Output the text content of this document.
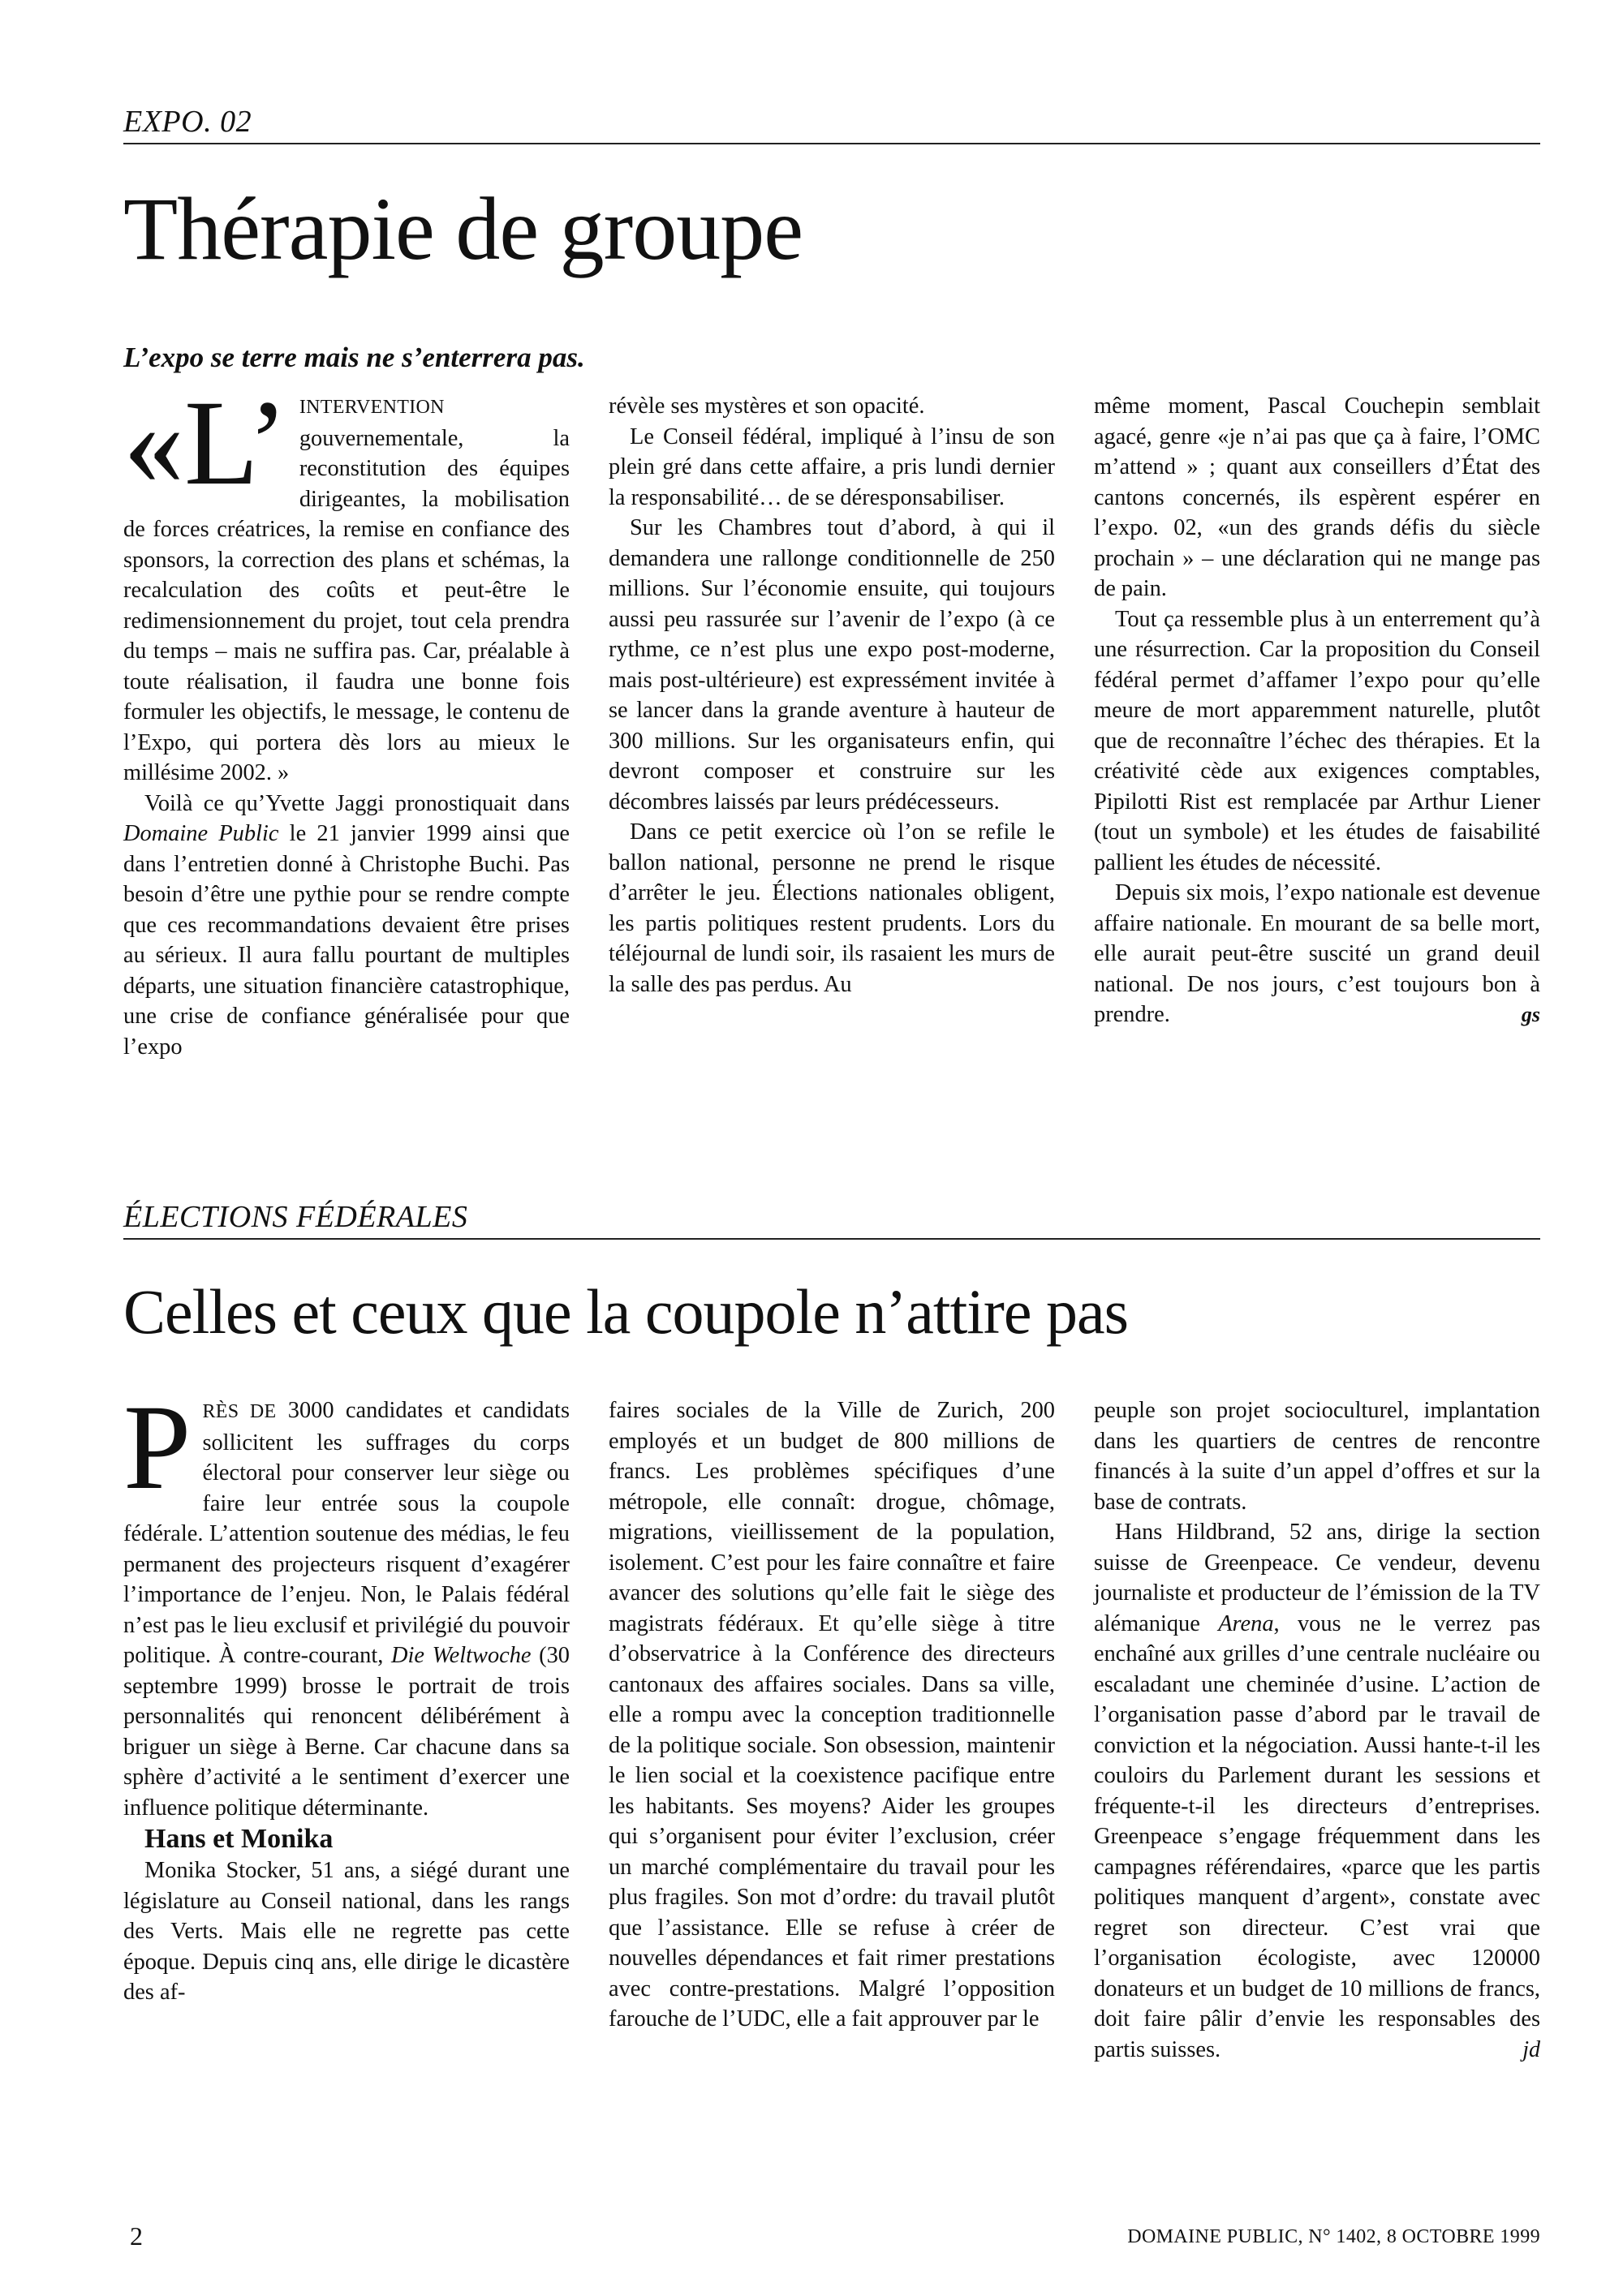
EXPO. 02
Thérapie de groupe
L’expo se terre mais ne s’enterrera pas.

«L’ INTERVENTION gouvernementale, la reconstitution des équipes dirigeantes, la mobilisation de forces créatrices, la remise en confiance des sponsors, la correction des plans et schémas, la recalculation des coûts et peut-être le redimensionnement du projet, tout cela prendra du temps – mais ne suffira pas. Car, préalable à toute réalisation, il faudra une bonne fois formuler les objectifs, le message, le contenu de l’Expo, qui portera dès lors au mieux le millésime 2002. »

Voilà ce qu’Yvette Jaggi pronostiquait dans Domaine Public le 21 janvier 1999 ainsi que dans l’entretien donné à Christophe Buchi. Pas besoin d’être une pythie pour se rendre compte que ces recommandations devaient être prises au sérieux. Il aura fallu pourtant de multiples départs, une situation financière catastrophique, une crise de confiance généralisée pour que l’expo

révèle ses mystères et son opacité.

Le Conseil fédéral, impliqué à l’insu de son plein gré dans cette affaire, a pris lundi dernier la responsabilité… de se déresponsabiliser.

Sur les Chambres tout d’abord, à qui il demandera une rallonge conditionnelle de 250 millions. Sur l’économie ensuite, qui toujours aussi peu rassurée sur l’avenir de l’expo (à ce rythme, ce n’est plus une expo post-moderne, mais post-ultérieure) est expressément invitée à se lancer dans la grande aventure à hauteur de 300 millions. Sur les organisateurs enfin, qui devront composer et construire sur les décombres laissés par leurs prédécesseurs.

Dans ce petit exercice où l’on se refile le ballon national, personne ne prend le risque d’arrêter le jeu. Élections nationales obligent, les partis politiques restent prudents. Lors du téléjournal de lundi soir, ils rasaient les murs de la salle des pas perdus. Au

même moment, Pascal Couchepin semblait agacé, genre «je n’ai pas que ça à faire, l’OMC m’attend » ; quant aux conseillers d’État des cantons concernés, ils espèrent espérer en l’expo. 02, «un des grands défis du siècle prochain » – une déclaration qui ne mange pas de pain.

Tout ça ressemble plus à un enterrement qu’à une résurrection. Car la proposition du Conseil fédéral permet d’affamer l’expo pour qu’elle meure de mort apparemment naturelle, plutôt que de reconnaître l’échec des thérapies. Et la créativité cède aux exigences comptables, Pipilotti Rist est remplacée par Arthur Liener (tout un symbole) et les études de faisabilité pallient les études de nécessité.

Depuis six mois, l’expo nationale est devenue affaire nationale. En mourant de sa belle mort, elle aurait peut-être suscité un grand deuil national. De nos jours, c’est toujours bon à prendre.	gs

ÉLECTIONS FÉDÉRALES
Celles et ceux que la coupole n’attire pas

PRÈS DE 3000 candidates et candidats sollicitent les suffrages du corps électoral pour conserver leur siège ou faire leur entrée sous la coupole fédérale. L’attention soutenue des médias, le feu permanent des projecteurs risquent d’exagérer l’importance de l’enjeu. Non, le Palais fédéral n’est pas le lieu exclusif et privilégié du pouvoir politique. À contre-courant, Die Weltwoche (30 septembre 1999) brosse le portrait de trois personnalités qui renoncent délibérément à briguer un siège à Berne. Car chacune dans sa sphère d’activité a le sentiment d’exercer une influence politique déterminante.

Hans et Monika

Monika Stocker, 51 ans, a siégé durant une législature au Conseil national, dans les rangs des Verts. Mais elle ne regrette pas cette époque. Depuis cinq ans, elle dirige le dicastère des af-

faires sociales de la Ville de Zurich, 200 employés et un budget de 800 millions de francs. Les problèmes spécifiques d’une métropole, elle connaît: drogue, chômage, migrations, vieillissement de la population, isolement. C’est pour les faire connaître et faire avancer des solutions qu’elle fait le siège des magistrats fédéraux. Et qu’elle siège à titre d’observatrice à la Conférence des directeurs cantonaux des affaires sociales. Dans sa ville, elle a rompu avec la conception traditionnelle de la politique sociale. Son obsession, maintenir le lien social et la coexistence pacifique entre les habitants. Ses moyens? Aider les groupes qui s’organisent pour éviter l’exclusion, créer un marché complémentaire du travail pour les plus fragiles. Son mot d’ordre: du travail plutôt que l’assistance. Elle se refuse à créer de nouvelles dépendances et fait rimer prestations avec contre-prestations. Malgré l’opposition farouche de l’UDC, elle a fait approuver par le

peuple son projet socioculturel, implantation dans les quartiers de centres de rencontre financés à la suite d’un appel d’offres et sur la base de contrats.

Hans Hildbrand, 52 ans, dirige la section suisse de Greenpeace. Ce vendeur, devenu journaliste et producteur de l’émission de la TV alémanique Arena, vous ne le verrez pas enchaîné aux grilles d’une centrale nucléaire ou escaladant une cheminée d’usine. L’action de l’organisation passe d’abord par le travail de conviction et la négociation. Aussi hante-t-il les couloirs du Parlement durant les sessions et fréquente-t-il les directeurs d’entreprises. Greenpeace s’engage fréquemment dans les campagnes référendaires, «parce que les partis politiques manquent d’argent», constate avec regret son directeur. C’est vrai que l’organisation écologiste, avec 120000 donateurs et un budget de 10 millions de francs, doit faire pâlir d’envie les responsables des partis suisses.	jd

2	DOMAINE PUBLIC, N° 1402, 8 OCTOBRE 1999
